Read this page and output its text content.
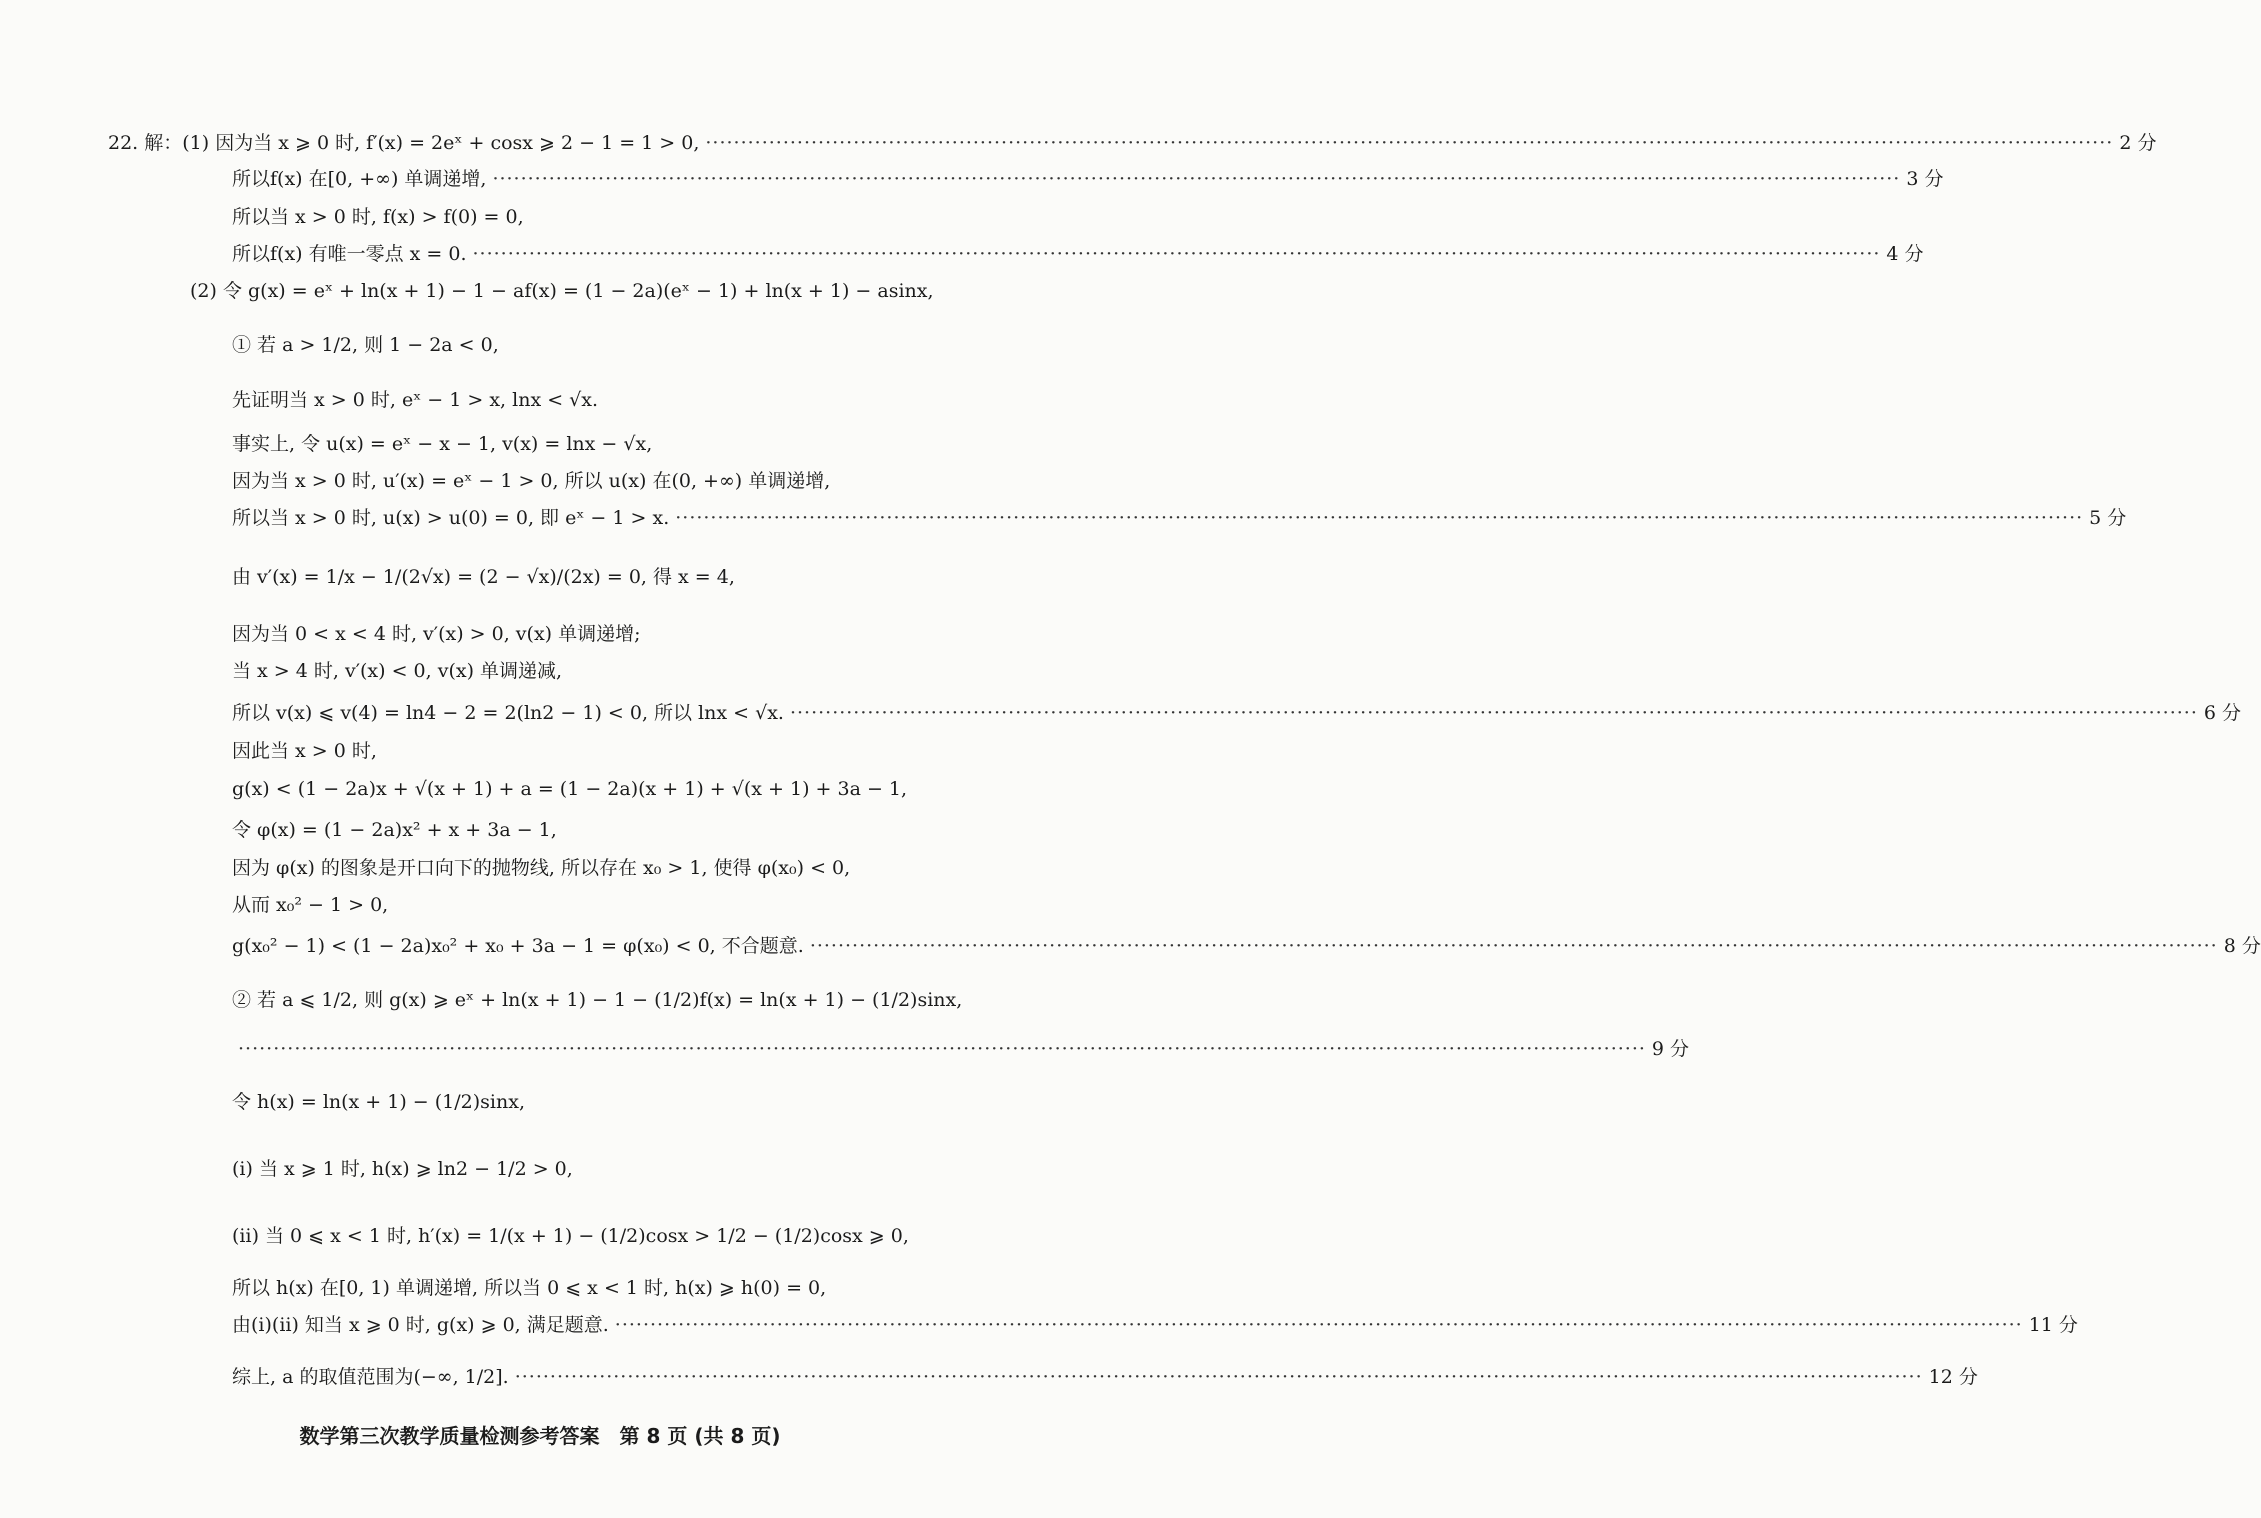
22. 解：(1) 因为当 x ⩾ 0 时, f′(x) = 2eˣ + cosx ⩾ 2 − 1 = 1 > 0, ········································································································································································································ 2 分
所以f(x) 在[0, +∞) 单调递增, ········································································································································································································ 3 分
所以当 x > 0 时, f(x) > f(0) = 0,
所以f(x) 有唯一零点 x = 0. ········································································································································································································ 4 分
(2) 令 g(x) = eˣ + ln(x + 1) − 1 − af(x) = (1 − 2a)(eˣ − 1) + ln(x + 1) − asinx,
① 若 a > 1/2, 则 1 − 2a < 0,
先证明当 x > 0 时, eˣ − 1 > x, lnx < √x.
事实上, 令 u(x) = eˣ − x − 1, v(x) = lnx − √x,
因为当 x > 0 时, u′(x) = eˣ − 1 > 0, 所以 u(x) 在(0, +∞) 单调递增,
所以当 x > 0 时, u(x) > u(0) = 0, 即 eˣ − 1 > x. ········································································································································································································ 5 分
由 v′(x) = 1/x − 1/(2√x) = (2 − √x)/(2x) = 0, 得 x = 4,
因为当 0 < x < 4 时, v′(x) > 0, v(x) 单调递增;
当 x > 4 时, v′(x) < 0, v(x) 单调递减,
所以 v(x) ⩽ v(4) = ln4 − 2 = 2(ln2 − 1) < 0, 所以 lnx < √x. ········································································································································································································ 6 分
因此当 x > 0 时,
g(x) < (1 − 2a)x + √(x + 1) + a = (1 − 2a)(x + 1) + √(x + 1) + 3a − 1,
令 φ(x) = (1 − 2a)x² + x + 3a − 1,
因为 φ(x) 的图象是开口向下的抛物线, 所以存在 x₀ > 1, 使得 φ(x₀) < 0,
从而 x₀² − 1 > 0,
g(x₀² − 1) < (1 − 2a)x₀² + x₀ + 3a − 1 = φ(x₀) < 0, 不合题意. ········································································································································································································ 8 分
② 若 a ⩽ 1/2, 则 g(x) ⩾ eˣ + ln(x + 1) − 1 − (1/2)f(x) = ln(x + 1) − (1/2)sinx,
········································································································································································································ 9 分
令 h(x) = ln(x + 1) − (1/2)sinx,
(ⅰ) 当 x ⩾ 1 时, h(x) ⩾ ln2 − 1/2 > 0,
(ⅱ) 当 0 ⩽ x < 1 时, h′(x) = 1/(x + 1) − (1/2)cosx > 1/2 − (1/2)cosx ⩾ 0,
所以 h(x) 在[0, 1) 单调递增, 所以当 0 ⩽ x < 1 时, h(x) ⩾ h(0) = 0,
由(ⅰ)(ⅱ) 知当 x ⩾ 0 时, g(x) ⩾ 0, 满足题意. ········································································································································································································ 11 分
综上, a 的取值范围为(−∞, 1/2]. ········································································································································································································ 12 分
数学第三次教学质量检测参考答案　第 8 页 (共 8 页)
